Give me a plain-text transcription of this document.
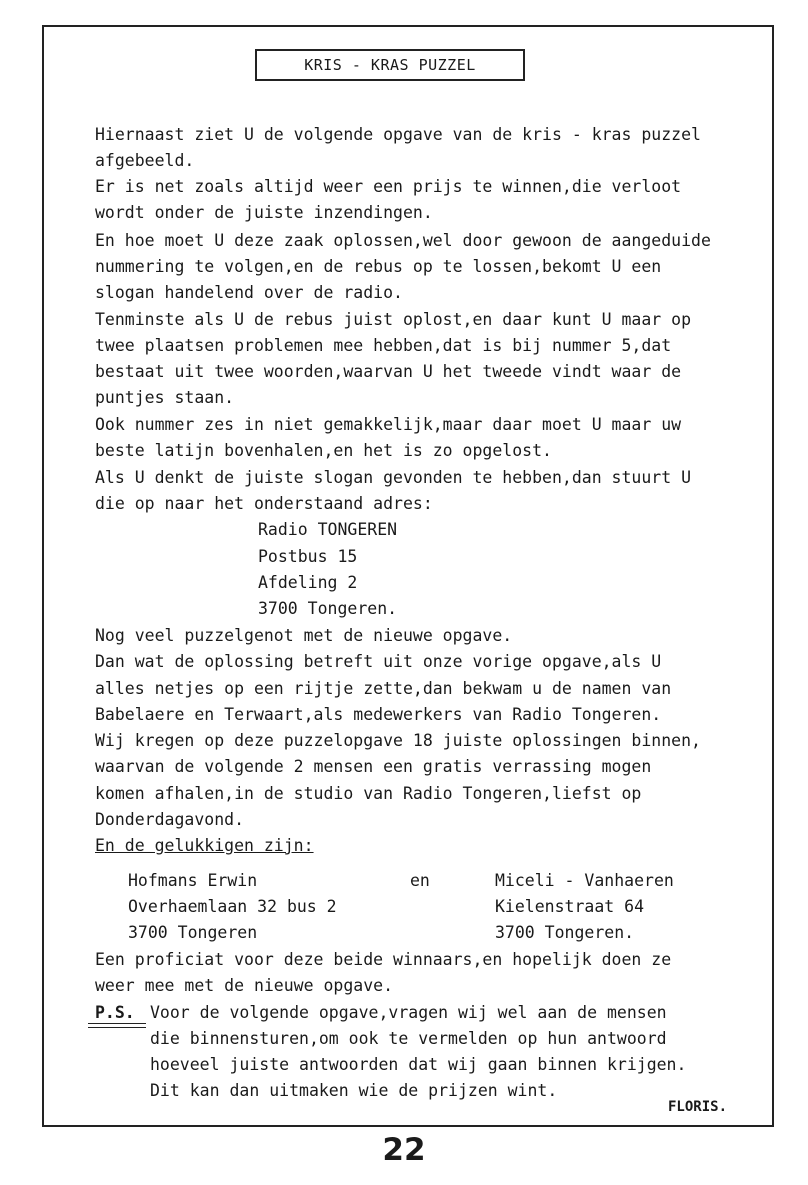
KRIS - KRAS PUZZEL
Hiernaast ziet U de volgende opgave van de kris - kras puzzel
afgebeeld.
Er is net zoals altijd weer een prijs te winnen,die verloot
wordt onder de juiste inzendingen.
En hoe moet U deze zaak oplossen,wel door gewoon de aangeduide
nummering te volgen,en de rebus op te lossen,bekomt U een
slogan handelend over de radio.
Tenminste als U de rebus juist oplost,en daar kunt U maar op
twee plaatsen problemen mee hebben,dat is bij nummer 5,dat
bestaat uit twee woorden,waarvan U het tweede vindt waar de
puntjes staan.
Ook nummer zes in niet gemakkelijk,maar daar moet U maar uw
beste latijn bovenhalen,en het is zo opgelost.
Als U denkt de juiste slogan gevonden te hebben,dan stuurt U
die op naar het onderstaand adres:
Radio TONGEREN
Postbus 15
Afdeling 2
3700 Tongeren.
Nog veel puzzelgenot met de nieuwe opgave.
Dan wat de oplossing betreft uit onze vorige opgave,als U
alles netjes op een rijtje zette,dan bekwam u de namen van
Babelaere en Terwaart,als medewerkers van Radio Tongeren.
Wij kregen op deze puzzelopgave 18 juiste oplossingen binnen,
waarvan de volgende 2 mensen een gratis verrassing mogen
komen afhalen,in de studio van Radio Tongeren,liefst op
Donderdagavond.
En de gelukkigen zijn:
Hofmans Erwin
Overhaemlaan 32 bus 2
3700 Tongeren
en	Miceli - Vanhaeren
Kielenstraat 64
3700 Tongeren.
Een proficiat voor deze beide winnaars,en hopelijk doen ze
weer mee met de nieuwe opgave.
P.S. Voor de volgende opgave,vragen wij wel aan de mensen
die binnensturen,om ook te vermelden op hun antwoord
hoeveel juiste antwoorden dat wij gaan binnen krijgen.
Dit kan dan uitmaken wie de prijzen wint.
FLORIS.
22
